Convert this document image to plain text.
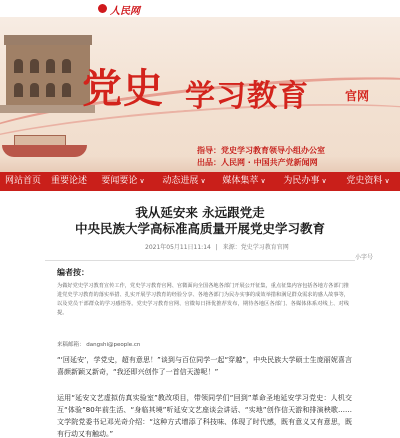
人民网
党史 学习教育	官网
指导：党史学习教育领导小组办公室
出品：人民网 · 中国共产党新闻网
网站首页	重要论述	要闻要论 ∨	动态进展 ∨	媒体集萃 ∨	为民办事 ∨	党史资料 ∨
我从延安来 永远跟党走
中央民族大学高标准高质量开展党史学习教育
2021年05月11日11:14 | 来源：党史学习教育官网
小字号
编者按：
为做好党史学习教育宣传工作，党史学习教育官网、官微面向全国各地各部门开展公开征集，重点征集内容包括各地方各部门推进党史学习教育的落实举措、扎实开展学习教育的经验分享、各地各部门为民办实事的成效举措和满足群众需求的感人故事等，以及党员干部群众的学习感悟等。党史学习教育官网、官微每日择优推荐发布，期待各地区各部门、各媒体体系对线上、对线提。
来稿邮箱： dangshi@people.cn
“‘回延安’，学党史，超有意思！”谈到与百位同学一起“穿越”，中央民族大学硕士生庞丽妮喜言喜颜新颖又新奇，“我还即兴创作了一首信天游呢！”
运用“延安文艺虚拟仿真实验室”教改项目，带领同学们“回到”革命圣地延安学习党史：人机交互“体验”80年前生活、“身临其境”听延安文艺座谈会讲话、“实地”创作信天游和排演秧歌……文学院党委书记邓光奇介绍：“这种方式增添了科技味、体现了时代感，既有意义又有意思，既有行动又有触动。”
